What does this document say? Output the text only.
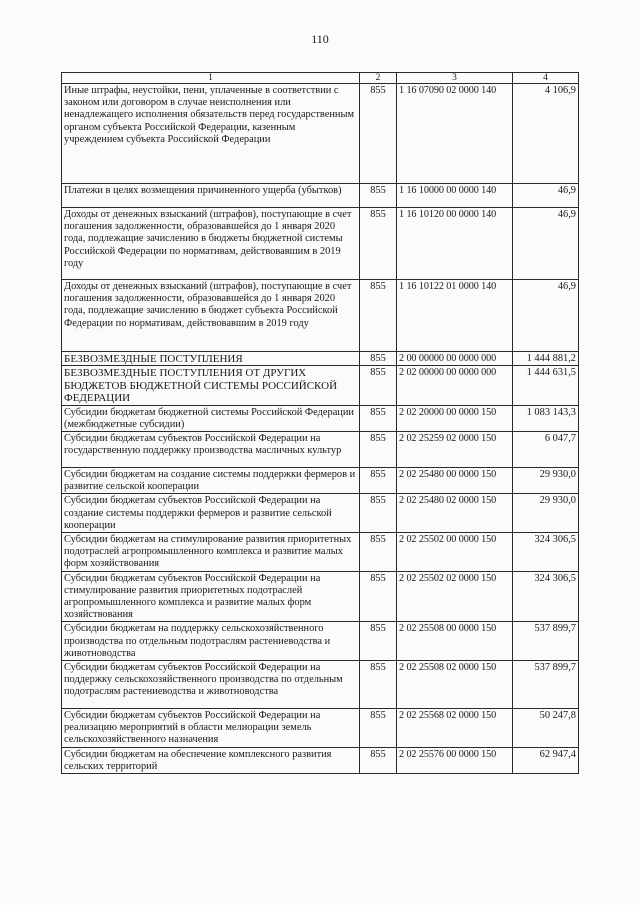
110
1	2	3	4
Иные штрафы, неустойки, пени, уплаченные в соответствии с законом или договором в случае неисполнения или ненадлежащего исполнения обязательств перед государственным органом субъекта Российской Федерации, казенным учреждением субъекта Российской Федерации	855	1 16 07090 02 0000 140	4 106,9
Платежи в целях возмещения причиненного ущерба (убытков)	855	1 16 10000 00 0000 140	46,9
Доходы от денежных взысканий (штрафов), поступающие в счет погашения задолженности, образовавшейся до 1 января 2020 года, подлежащие зачислению в бюджеты бюджетной системы Российской Федерации по нормативам, действовавшим в 2019 году	855	1 16 10120 00 0000 140	46,9
Доходы от денежных взысканий (штрафов), поступающие в счет погашения задолженности, образовавшейся до 1 января 2020 года, подлежащие зачислению в бюджет субъекта Российской Федерации по нормативам, действовавшим в 2019 году	855	1 16 10122 01 0000 140	46,9
БЕЗВОЗМЕЗДНЫЕ ПОСТУПЛЕНИЯ	855	2 00 00000 00 0000 000	1 444 881,2
БЕЗВОЗМЕЗДНЫЕ ПОСТУПЛЕНИЯ ОТ ДРУГИХ БЮДЖЕТОВ БЮДЖЕТНОЙ СИСТЕМЫ РОССИЙСКОЙ ФЕДЕРАЦИИ	855	2 02 00000 00 0000 000	1 444 631,5
Субсидии бюджетам бюджетной системы Российской Федерации (межбюджетные субсидии)	855	2 02 20000 00 0000 150	1 083 143,3
Субсидии бюджетам субъектов Российской Федерации на государственную поддержку производства масличных культур	855	2 02 25259 02 0000 150	6 047,7
Субсидии бюджетам на создание системы поддержки фермеров и развитие сельской кооперации	855	2 02 25480 00 0000 150	29 930,0
Субсидии бюджетам субъектов Российской Федерации на создание системы поддержки фермеров и развитие сельской кооперации	855	2 02 25480 02 0000 150	29 930,0
Субсидии бюджетам на стимулирование развития приоритетных подотраслей агропромышленного комплекса и развитие малых форм хозяйствования	855	2 02 25502 00 0000 150	324 306,5
Субсидии бюджетам субъектов Российской Федерации на стимулирование развития приоритетных подотраслей агропромышленного комплекса и развитие малых форм хозяйствования	855	2 02 25502 02 0000 150	324 306,5
Субсидии бюджетам на поддержку сельскохозяйственного производства по отдельным подотраслям растениеводства и животноводства	855	2 02 25508 00 0000 150	537 899,7
Субсидии бюджетам субъектов Российской Федерации на поддержку сельскохозяйственного производства по отдельным подотраслям растениеводства и животноводства	855	2 02 25508 02 0000 150	537 899,7
Субсидии бюджетам субъектов Российской Федерации на реализацию мероприятий в области мелиорации земель сельскохозяйственного назначения	855	2 02 25568 02 0000 150	50 247,8
Субсидии бюджетам на обеспечение комплексного развития сельских территорий	855	2 02 25576 00 0000 150	62 947,4
